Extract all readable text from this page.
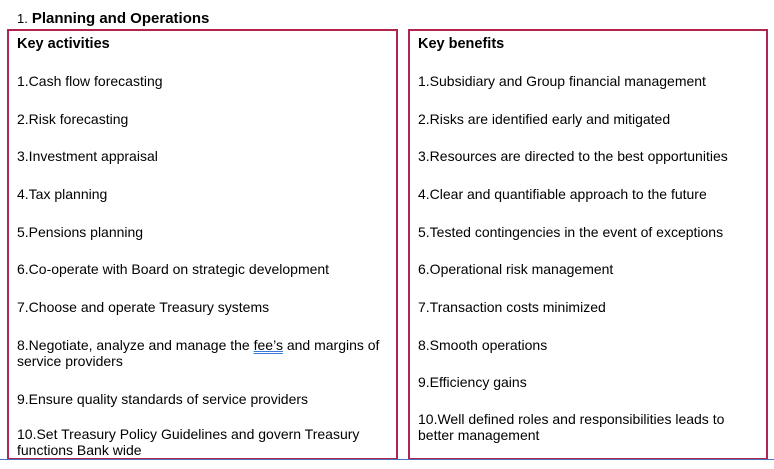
1. Planning and Operations
Key activities
1.Cash flow forecasting
2.Risk forecasting
3.Investment appraisal
4.Tax planning
5.Pensions planning
6.Co-operate with Board on strategic development
7.Choose and operate Treasury systems
8.Negotiate, analyze and manage the fee’s and margins of service providers
9.Ensure quality standards of service providers
10.Set Treasury Policy Guidelines and govern Treasury functions Bank wide
Key benefits
1.Subsidiary and Group financial management
2.Risks are identified early and mitigated
3.Resources are directed to the best opportunities
4.Clear and quantifiable approach to the future
5.Tested contingencies in the event of exceptions
6.Operational risk management
7.Transaction costs minimized
8.Smooth operations
9.Efficiency gains
10.Well defined roles and responsibilities leads to better management
